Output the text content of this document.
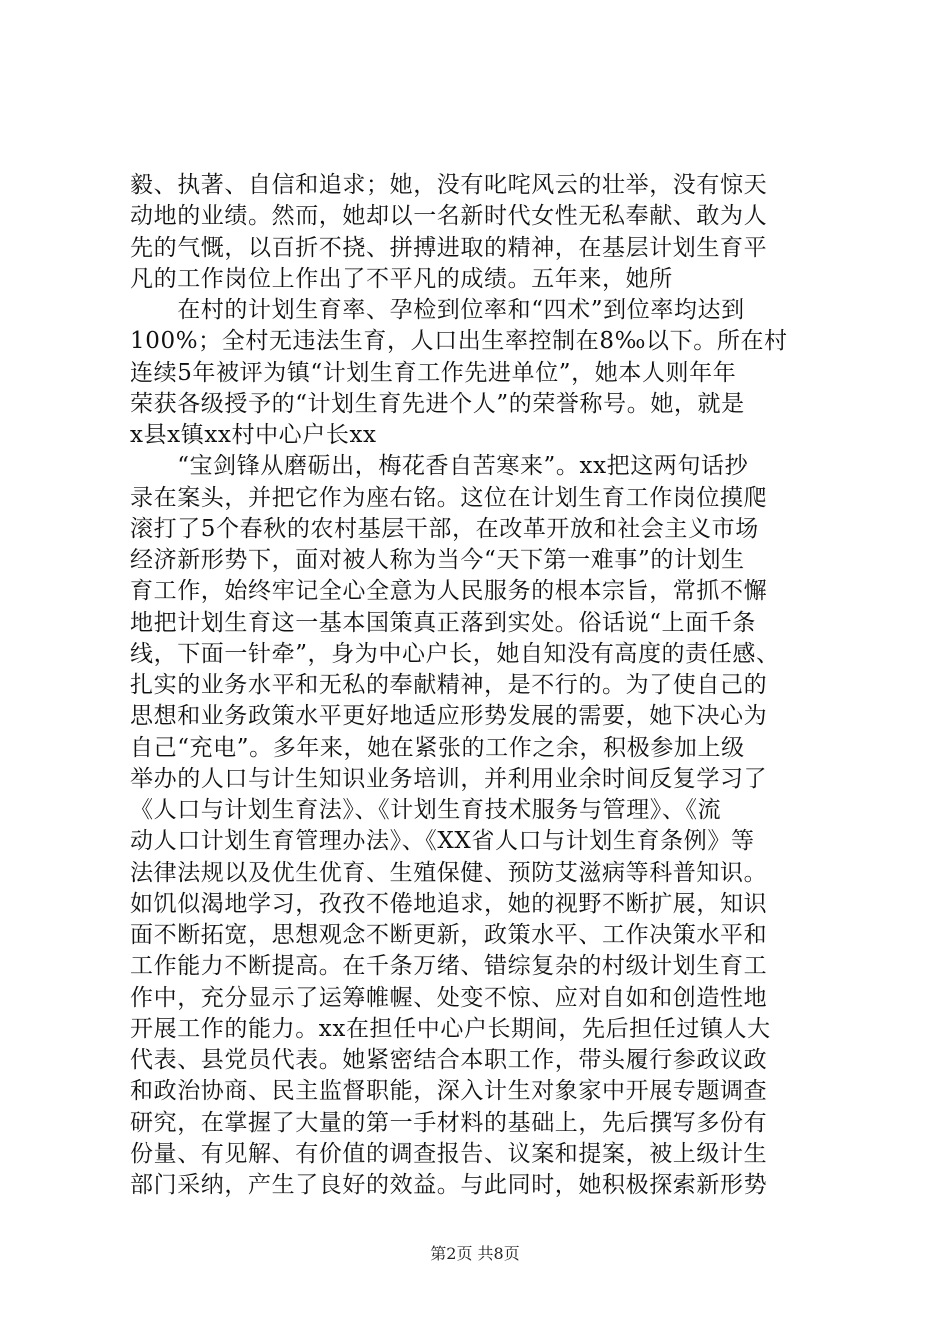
毅、执著、自信和追求；她，没有叱咤风云的壮举，没有惊天
动地的业绩。然而，她却以一名新时代女性无私奉献、敢为人
先的气慨，以百折不挠、拼搏进取的精神，在基层计划生育平
凡的工作岗位上作出了不平凡的成绩。五年来，她所
　　在村的计划生育率、孕检到位率和“四术”到位率均达到
100%；全村无违法生育，人口出生率控制在8‰以下。所在村
连续5年被评为镇“计划生育工作先进单位”，她本人则年年
荣获各级授予的“计划生育先进个人”的荣誉称号。她，就是
x县x镇xx村中心户长xx
　　“宝剑锋从磨砺出，梅花香自苦寒来”。xx把这两句话抄
录在案头，并把它作为座右铭。这位在计划生育工作岗位摸爬
滚打了5个春秋的农村基层干部，在改革开放和社会主义市场
经济新形势下，面对被人称为当今“天下第一难事”的计划生
育工作，始终牢记全心全意为人民服务的根本宗旨，常抓不懈
地把计划生育这一基本国策真正落到实处。俗话说“上面千条
线，下面一针牵”，身为中心户长，她自知没有高度的责任感、
扎实的业务水平和无私的奉献精神，是不行的。为了使自己的
思想和业务政策水平更好地适应形势发展的需要，她下决心为
自己“充电”。多年来，她在紧张的工作之余，积极参加上级
举办的人口与计生知识业务培训，并利用业余时间反复学习了
《人口与计划生育法》、《计划生育技术服务与管理》、《流
动人口计划生育管理办法》、《XX省人口与计划生育条例》等
法律法规以及优生优育、生殖保健、预防艾滋病等科普知识。
如饥似渴地学习，孜孜不倦地追求，她的视野不断扩展，知识
面不断拓宽，思想观念不断更新，政策水平、工作决策水平和
工作能力不断提高。在千条万绪、错综复杂的村级计划生育工
作中，充分显示了运筹帷幄、处变不惊、应对自如和创造性地
开展工作的能力。xx在担任中心户长期间，先后担任过镇人大
代表、县党员代表。她紧密结合本职工作，带头履行参政议政
和政治协商、民主监督职能，深入计生对象家中开展专题调查
研究，在掌握了大量的第一手材料的基础上，先后撰写多份有
份量、有见解、有价值的调查报告、议案和提案，被上级计生
部门采纳，产生了良好的效益。与此同时，她积极探索新形势
第2页 共8页
